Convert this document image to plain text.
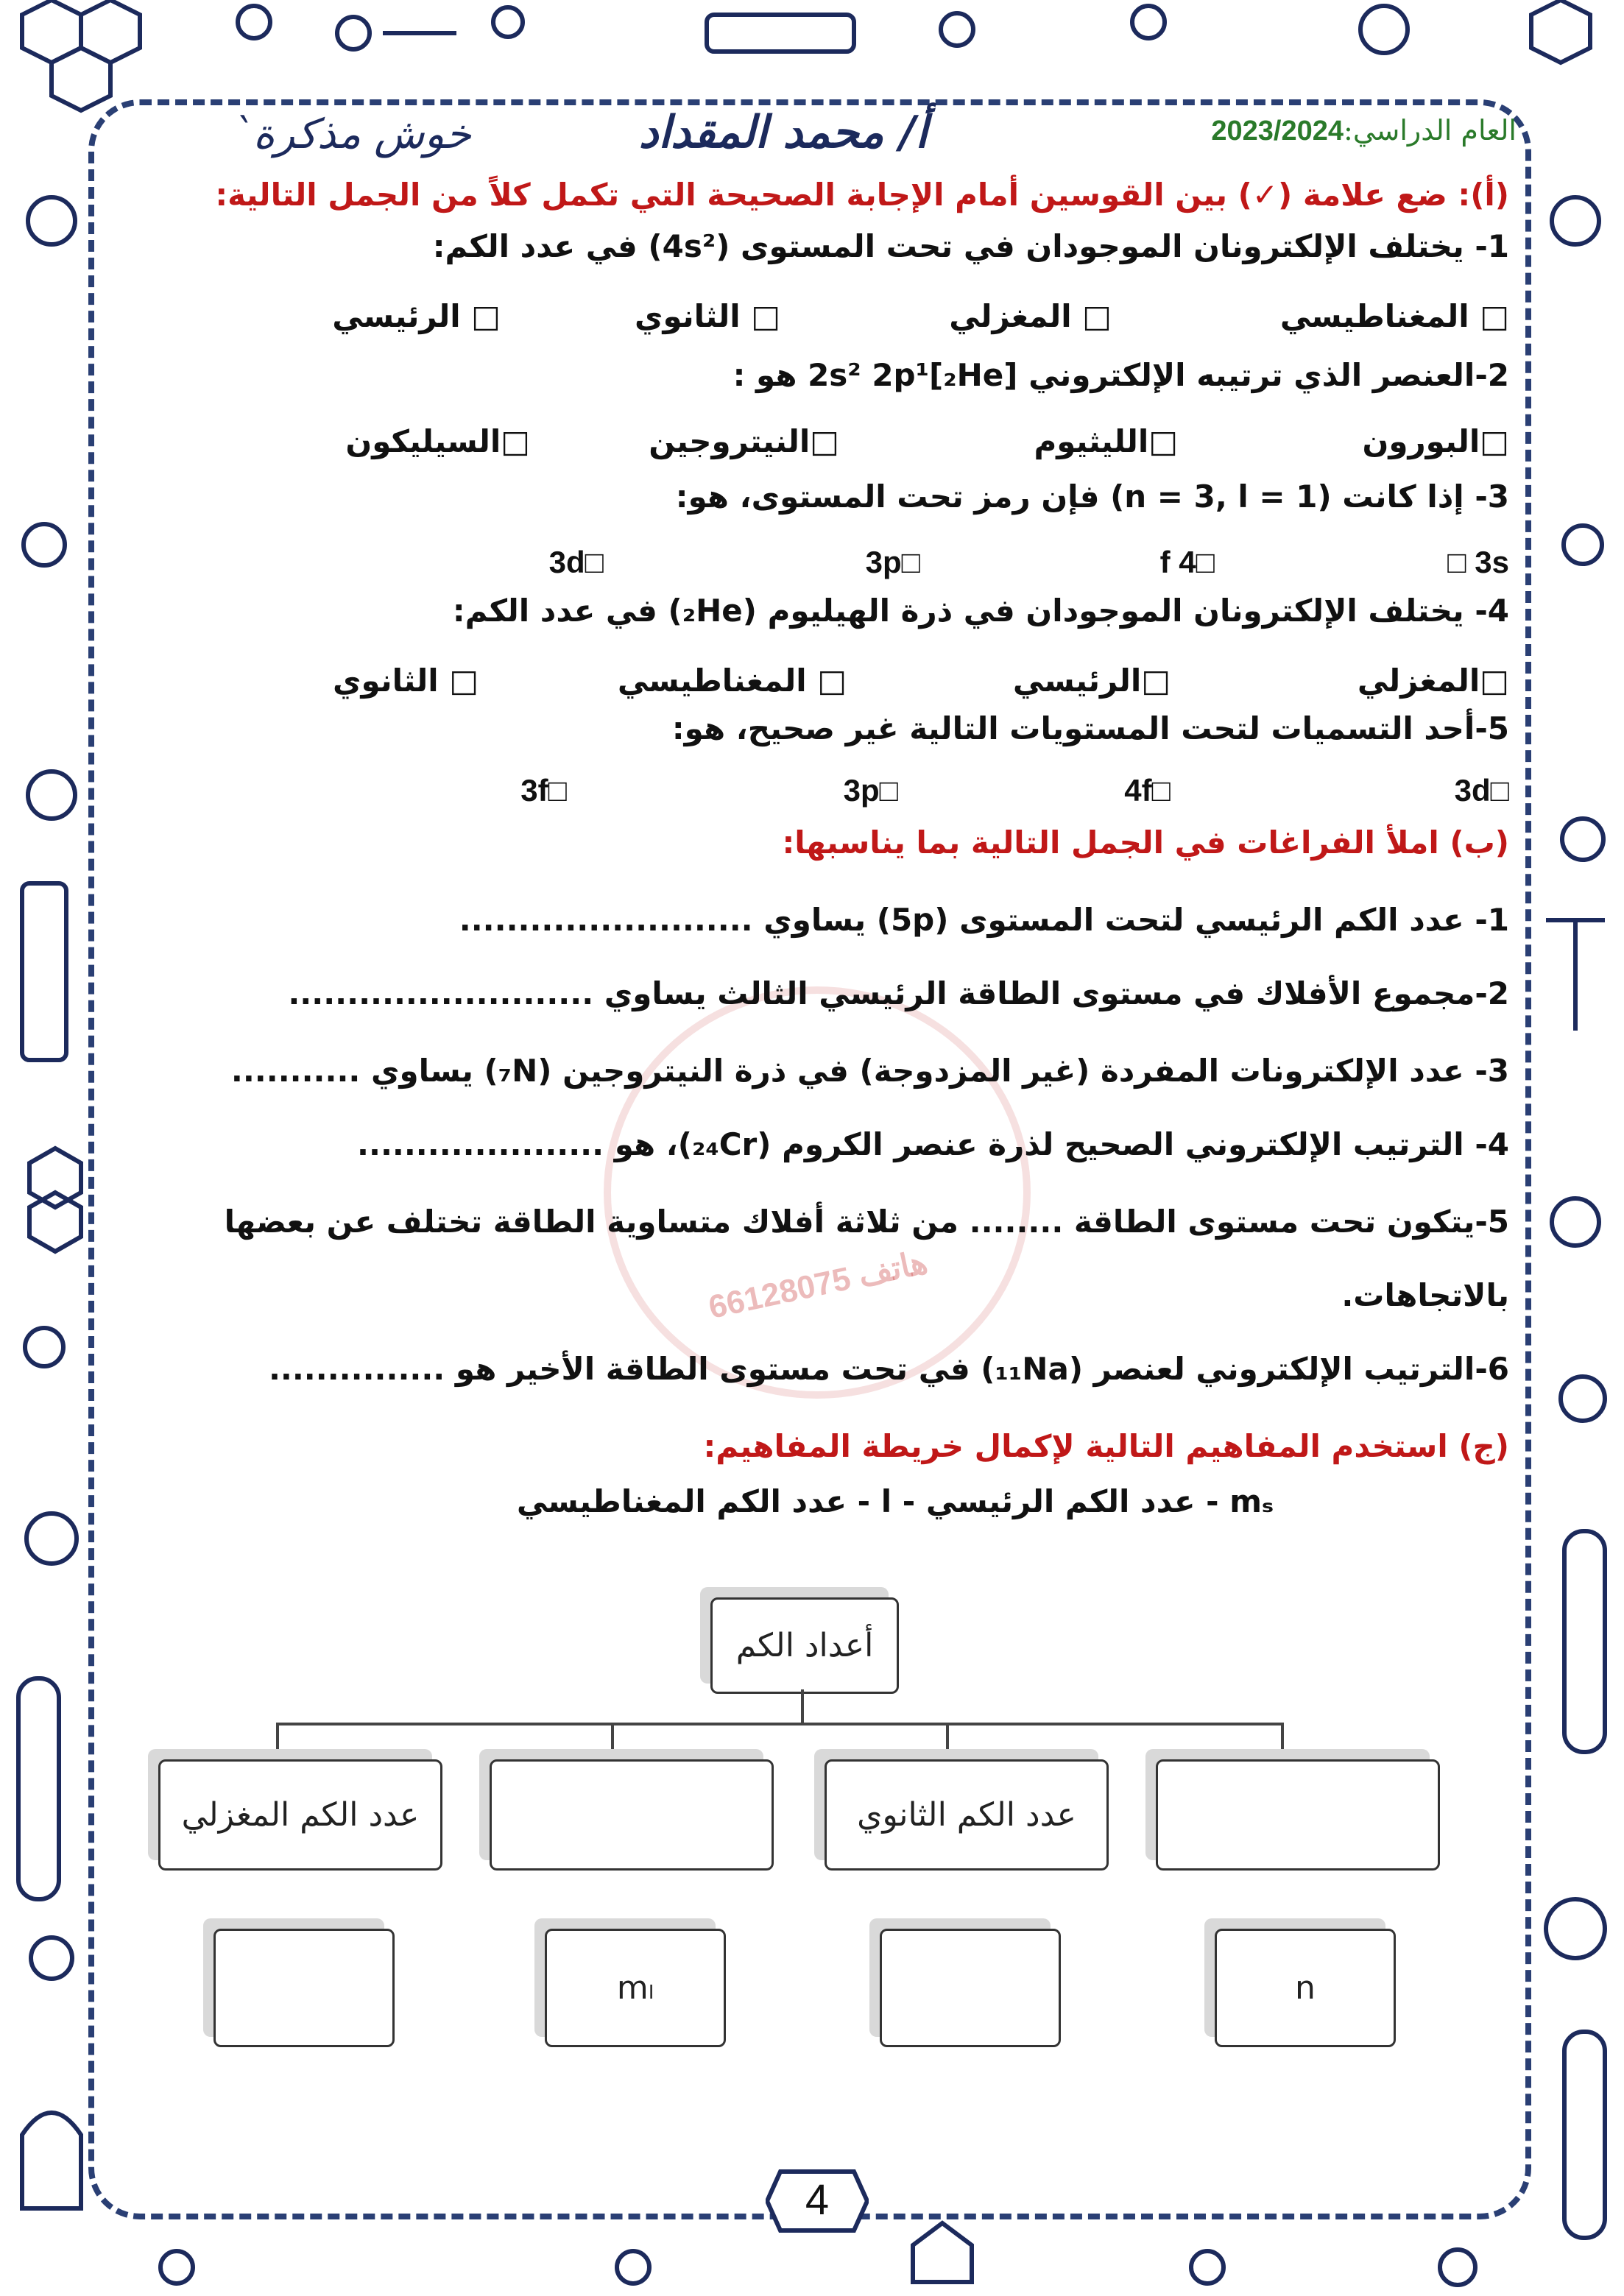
العام الدراسي:2023/2024
أ/ محمد المقداد
خوش مذكرة`
هاتف 66128075
(أ): ضع علامة (✓) بين القوسين أمام الإجابة الصحيحة التي تكمل كلاً من الجمل التالية:
1- يختلف الإلكترونان الموجودان في تحت المستوى (4s²) في عدد الكم:
□ المغناطيسي
□ المغزلي
□ الثانوي
□ الرئيسي
2-العنصر الذي ترتيبه الإلكتروني [₂He]2s² 2p¹ هو :
□البورون
□الليثيوم
□النيتروجين
□السيليكون
3- إذا كانت (n = 3, l = 1) فإن رمز تحت المستوى، هو:
3s □
□4 f
□3p
□3d
4- يختلف الإلكترونان الموجودان في ذرة الهيليوم (₂He) في عدد الكم:
□المغزلي
□الرئيسي
□ المغناطيسي
□ الثانوي
5-أحد التسميات لتحت المستويات التالية غير صحيح، هو:
□3d
□4f
□3p
□3f
(ب) املأ الفراغات في الجمل التالية بما يناسبها:
1- عدد الكم الرئيسي لتحت المستوى (5p) يساوي .........................
2-مجموع الأفلاك في مستوى الطاقة الرئيسي الثالث يساوي ..........................
3- عدد الإلكترونات المفردة (غير المزدوجة) في ذرة النيتروجين (₇N) يساوي ...........
4- الترتيب الإلكتروني الصحيح لذرة عنصر الكروم (₂₄Cr)، هو .....................
5-يتكون تحت مستوى الطاقة ........ من ثلاثة أفلاك متساوية الطاقة تختلف عن بعضها
بالاتجاهات.
6-الترتيب الإلكتروني لعنصر (₁₁Na) في تحت مستوى الطاقة الأخير هو ...............
(ج) استخدم المفاهيم التالية لإكمال خريطة المفاهيم:
mₛ - عدد الكم الرئيسي - l - عدد الكم المغناطيسي
أعداد الكم
عدد الكم المغزلي	عدد الكم الثانوي
mₗ	n
4
